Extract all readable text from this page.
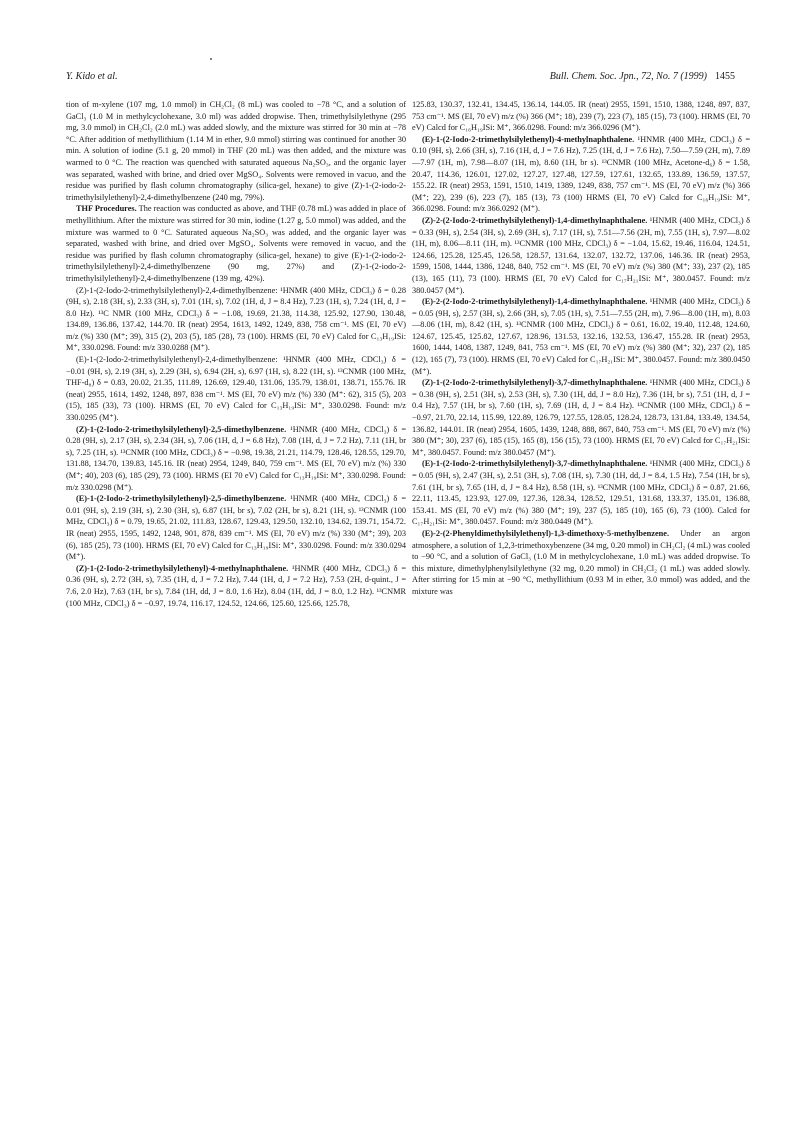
Y. Kido et al.	Bull. Chem. Soc. Jpn., 72, No. 7 (1999) 1455

tion of m-xylene (107 mg, 1.0 mmol) in CH₂Cl₂ (8 mL) was cooled to −78 °C, and a solution of GaCl₃ (1.0 M in methylcyclohexane, 3.0 ml) was added dropwise. Then, trimethylsilylethyne (295 mg, 3.0 mmol) in CH₂Cl₂ (2.0 mL) was added slowly, and the mixture was stirred for 30 min at −78 °C. After addition of methyllithium (1.14 M in ether, 9.0 mmol) stirring was continued for another 30 min. A solution of iodine (5.1 g, 20 mmol) in THF (20 mL) was then added, and the mixture was warmed to 0 °C. The reaction was quenched with saturated aqueous Na₂SO₃, and the organic layer was separated, washed with brine, and dried over MgSO₄. Solvents were removed in vacuo, and the residue was purified by flash column chromatography (silica-gel, hexane) to give (Z)-1-(2-iodo-2-trimethylsilylethenyl)-2,4-dimethylbenzene (240 mg, 79%).

THF Procedures. The reaction was conducted as above, and THF (0.78 mL) was added in place of methyllithium. After the mixture was stirred for 30 min, iodine (1.27 g, 5.0 mmol) was added, and the mixture was warmed to 0 °C. Saturated aqueous Na₂SO₃ was added, and the organic layer was separated, washed with brine, and dried over MgSO₄. Solvents were removed in vacuo, and the residue was purified by flash column chromatography (silica-gel, hexane) to give (E)-1-(2-iodo-2-trimethylsilylethenyl)-2,4-dimethylbenzene (90 mg, 27%) and (Z)-1-(2-iodo-2-trimethylsilylethenyl)-2,4-dimethylbenzene (139 mg, 42%).

(Z)-1-(2-Iodo-2-trimethylsilylethenyl)-2,4-dimethylbenzene: ¹HNMR (400 MHz, CDCl₃) δ = 0.28 (9H, s), 2.18 (3H, s), 2.33 (3H, s), 7.01 (1H, s), 7.02 (1H, d, J = 8.4 Hz), 7.23 (1H, s), 7.24 (1H, d, J = 8.0 Hz). ¹³C NMR (100 MHz, CDCl₃) δ = −1.08, 19.69, 21.38, 114.38, 125.92, 127.90, 130.48, 134.89, 136.86, 137.42, 144.70. IR (neat) 2954, 1613, 1492, 1249, 838, 758 cm⁻¹. MS (EI, 70 eV) m/z (%) 330 (M⁺; 39), 315 (2), 203 (5), 185 (28), 73 (100). HRMS (EI, 70 eV) Calcd for C₁₃H₁₉ISi: M⁺, 330.0298. Found: m/z 330.0288 (M⁺).

(E)-1-(2-Iodo-2-trimethylsilylethenyl)-2,4-dimethylbenzene: ¹HNMR (400 MHz, CDCl₃) δ = −0.01 (9H, s), 2.19 (3H, s), 2.29 (3H, s), 6.94 (2H, s), 6.97 (1H, s), 8.22 (1H, s). ¹³CNMR (100 MHz, THF-d₈) δ = 0.83, 20.02, 21.35, 111.89, 126.69, 129.40, 131.06, 135.79, 138.01, 138.71, 155.76. IR (neat) 2955, 1614, 1492, 1248, 897, 838 cm⁻¹. MS (EI, 70 eV) m/z (%) 330 (M⁺: 62), 315 (5), 203 (15), 185 (33), 73 (100). HRMS (EI, 70 eV) Calcd for C₁₃H₁₉ISi: M⁺, 330.0298. Found: m/z 330.0295 (M⁺).

(Z)-1-(2-Iodo-2-trimethylsilylethenyl)-2,5-dimethylbenzene. ¹HNMR (400 MHz, CDCl₃) δ = 0.28 (9H, s), 2.17 (3H, s), 2.34 (3H, s), 7.06 (1H, d, J = 6.8 Hz), 7.08 (1H, d, J = 7.2 Hz), 7.11 (1H, br s), 7.25 (1H, s). ¹³CNMR (100 MHz, CDCl₃) δ = −0.98, 19.38, 21.21, 114.79, 128.46, 128.55, 129.70, 131.88, 134.70, 139.83, 145.16. IR (neat) 2954, 1249, 840, 759 cm⁻¹. MS (EI, 70 eV) m/z (%) 330 (M⁺; 40), 203 (6), 185 (29), 73 (100). HRMS (EI 70 eV) Calcd for C₁₃H₁₉ISi: M⁺, 330.0298. Found: m/z 330.0298 (M⁺).

(E)-1-(2-Iodo-2-trimethylsilylethenyl)-2,5-dimethylbenzene. ¹HNMR (400 MHz, CDCl₃) δ = 0.01 (9H, s), 2.19 (3H, s), 2.30 (3H, s), 6.87 (1H, br s), 7.02 (2H, br s), 8.21 (1H, s). ¹³CNMR (100 MHz, CDCl₃) δ = 0.79, 19.65, 21.02, 111.83, 128.67, 129.43, 129.50, 132.10, 134.62, 139.71, 154.72. IR (neat) 2955, 1595, 1492, 1248, 901, 878, 839 cm⁻¹. MS (EI, 70 eV) m/z (%) 330 (M⁺; 39), 203 (6), 185 (25), 73 (100). HRMS (EI, 70 eV) Calcd for C₁₃H₁₉ISi: M⁺, 330.0298. Found: m/z 330.0294 (M⁺).

(Z)-1-(2-Iodo-2-trimethylsilylethenyl)-4-methylnaphthalene. ¹HNMR (400 MHz, CDCl₃) δ = 0.36 (9H, s), 2.72 (3H, s), 7.35 (1H, d, J = 7.2 Hz), 7.44 (1H, d, J = 7.2 Hz), 7.53 (2H, d-quint., J = 7.6, 2.0 Hz), 7.63 (1H, br s), 7.84 (1H, dd, J = 8.0, 1.6 Hz), 8.04 (1H, dd, J = 8.0, 1.2 Hz). ¹³CNMR (100 MHz, CDCl₃) δ = −0.97, 19.74, 116.17, 124.52, 124.66, 125.60, 125.66, 125.78,

125.83, 130.37, 132.41, 134.45, 136.14, 144.05. IR (neat) 2955, 1591, 1510, 1388, 1248, 897, 837, 753 cm⁻¹. MS (EI, 70 eV) m/z (%) 366 (M⁺; 18), 239 (7), 223 (7), 185 (15), 73 (100). HRMS (EI, 70 eV) Calcd for C₁₆H₁₉ISi: M⁺, 366.0298. Found: m/z 366.0296 (M⁺).

(E)-1-(2-Iodo-2-trimethylsilylethenyl)-4-methylnaphthalene. ¹HNMR (400 MHz, CDCl₃) δ = 0.10 (9H, s), 2.66 (3H, s), 7.16 (1H, d, J = 7.6 Hz), 7.25 (1H, d, J = 7.6 Hz), 7.50—7.59 (2H, m), 7.89—7.97 (1H, m), 7.98—8.07 (1H, m), 8.60 (1H, br s). ¹³CNMR (100 MHz, Acetone-d₆) δ = 1.58, 20.47, 114.36, 126.01, 127.02, 127.27, 127.48, 127.59, 127.61, 132.65, 133.89, 136.59, 137.57, 155.22. IR (neat) 2953, 1591, 1510, 1419, 1389, 1249, 838, 757 cm⁻¹. MS (EI, 70 eV) m/z (%) 366 (M⁺; 22), 239 (6), 223 (7), 185 (13), 73 (100) HRMS (EI, 70 eV) Calcd for C₁₆H₁₉ISi: M⁺, 366.0298. Found: m/z 366.0292 (M⁺).

(Z)-2-(2-Iodo-2-trimethylsilylethenyl)-1,4-dimethylnaphthalene. ¹HNMR (400 MHz, CDCl₃) δ = 0.33 (9H, s), 2.54 (3H, s), 2.69 (3H, s), 7.17 (1H, s), 7.51—7.56 (2H, m), 7.55 (1H, s), 7.97—8.02 (1H, m), 8.06—8.11 (1H, m). ¹³CNMR (100 MHz, CDCl₃) δ = −1.04, 15.62, 19.46, 116.04, 124.51, 124.66, 125.28, 125.45, 126.58, 128.57, 131.64, 132.07, 132.72, 137.06, 146.36. IR (neat) 2953, 1599, 1508, 1444, 1386, 1248, 840, 752 cm⁻¹. MS (EI, 70 eV) m/z (%) 380 (M⁺; 33), 237 (2), 185 (13), 165 (11), 73 (100). HRMS (EI, 70 eV) Calcd for C₁₇H₂₁ISi: M⁺, 380.0457. Found: m/z 380.0457 (M⁺).

(E)-2-(2-Iodo-2-trimethylsilylethenyl)-1,4-dimethylnaphthalene. ¹HNMR (400 MHz, CDCl₃) δ = 0.05 (9H, s), 2.57 (3H, s), 2.66 (3H, s), 7.05 (1H, s), 7.51—7.55 (2H, m), 7.96—8.00 (1H, m), 8.03—8.06 (1H, m), 8.42 (1H, s). ¹³CNMR (100 MHz, CDCl₃) δ = 0.61, 16.02, 19.40, 112.48, 124.60, 124.67, 125.45, 125.82, 127.67, 128.96, 131.53, 132.16, 132.53, 136.47, 155.28. IR (neat) 2953, 1600, 1444, 1408, 1387, 1249, 841, 753 cm⁻¹. MS (EI, 70 eV) m/z (%) 380 (M⁺; 32), 237 (2), 185 (12), 165 (7), 73 (100). HRMS (EI, 70 eV) Calcd for C₁₇H₂₁ISi: M⁺, 380.0457. Found: m/z 380.0450 (M⁺).

(Z)-1-(2-Iodo-2-trimethylsilylethenyl)-3,7-dimethylnaphthalene. ¹HNMR (400 MHz, CDCl₃) δ = 0.38 (9H, s), 2.51 (3H, s), 2.53 (3H, s), 7.30 (1H, dd, J = 8.0 Hz), 7.36 (1H, br s), 7.51 (1H, d, J = 0.4 Hz), 7.57 (1H, br s), 7.60 (1H, s), 7.69 (1H, d, J = 8.4 Hz). ¹³CNMR (100 MHz, CDCl₃) δ = −0.97, 21.70, 22.14, 115.99, 122.89, 126.79, 127.55, 128.05, 128.24, 128.73, 131.84, 133.49, 134.54, 136.82, 144.01. IR (neat) 2954, 1605, 1439, 1248, 888, 867, 840, 753 cm⁻¹. MS (EI, 70 eV) m/z (%) 380 (M⁺; 30), 237 (6), 185 (15), 165 (8), 156 (15), 73 (100). HRMS (EI, 70 eV) Calcd for C₁₇H₂₁ISi: M⁺, 380.0457. Found: m/z 380.0457 (M⁺).

(E)-1-(2-Iodo-2-trimethylsilylethenyl)-3,7-dimethylnaphthalene. ¹HNMR (400 MHz, CDCl₃) δ = 0.05 (9H, s), 2.47 (3H, s), 2.51 (3H, s), 7.08 (1H, s), 7.30 (1H, dd, J = 8.4, 1.5 Hz), 7.54 (1H, br s), 7.61 (1H, br s), 7.65 (1H, d, J = 8.4 Hz), 8.58 (1H, s). ¹³CNMR (100 MHz, CDCl₃) δ = 0.87, 21.66, 22.11, 113.45, 123.93, 127.09, 127.36, 128.34, 128.52, 129.51, 131.68, 133.37, 135.01, 136.88, 153.41. MS (EI, 70 eV) m/z (%) 380 (M⁺; 19), 237 (5), 185 (10), 165 (6), 73 (100). Calcd for C₁₇H₂₁ISi: M⁺, 380.0457. Found: m/z 380.0449 (M⁺).

(E)-2-(2-Phenyldimethylsilylethenyl)-1,3-dimethoxy-5-methylbenzene. Under an argon atmosphere, a solution of 1,2,3-trimethoxybenzene (34 mg, 0.20 mmol) in CH₂Cl₂ (4 mL) was cooled to −90 °C, and a solution of GaCl₃ (1.0 M in methylcyclohexane, 1.0 mL) was added dropwise. To this mixture, dimethylphenylsilylethyne (32 mg, 0.20 mmol) in CH₂Cl₂ (1 mL) was added slowly. After stirring for 15 min at −90 °C, methyllithium (0.93 M in ether, 3.0 mmol) was added, and the mixture was
